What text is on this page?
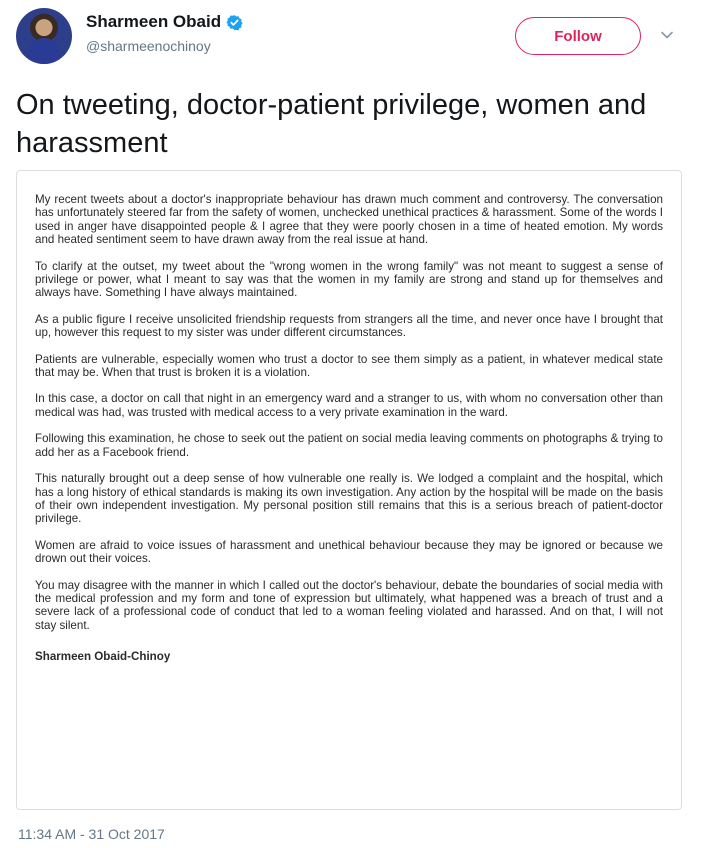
Sharmeen Obaid
@sharmeenochinoy
Follow
On tweeting, doctor-patient privilege, women and harassment

My recent tweets about a doctor's inappropriate behaviour has drawn much comment and controversy. The conversation has unfortunately steered far from the safety of women, unchecked unethical practices & harassment. Some of the words I used in anger have disappointed people & I agree that they were poorly chosen in a time of heated emotion. My words and heated sentiment seem to have drawn away from the real issue at hand.

To clarify at the outset, my tweet about the "wrong women in the wrong family" was not meant to suggest a sense of privilege or power, what I meant to say was that the women in my family are strong and stand up for themselves and always have. Something I have always maintained.

As a public figure I receive unsolicited friendship requests from strangers all the time, and never once have I brought that up, however this request to my sister was under different circumstances.

Patients are vulnerable, especially women who trust a doctor to see them simply as a patient, in whatever medical state that may be. When that trust is broken it is a violation.

In this case, a doctor on call that night in an emergency ward and a stranger to us, with whom no conversation other than medical was had, was trusted with medical access to a very private examination in the ward.

Following this examination, he chose to seek out the patient on social media leaving comments on photographs & trying to add her as a Facebook friend.

This naturally brought out a deep sense of how vulnerable one really is. We lodged a complaint and the hospital, which has a long history of ethical standards is making its own investigation. Any action by the hospital will be made on the basis of their own independent investigation. My personal position still remains that this is a serious breach of patient-doctor privilege.

Women are afraid to voice issues of harassment and unethical behaviour because they may be ignored or because we drown out their voices.

You may disagree with the manner in which I called out the doctor's behaviour, debate the boundaries of social media with the medical profession and my form and tone of expression but ultimately, what happened was a breach of trust and a severe lack of a professional code of conduct that led to a woman feeling violated and harassed. And on that, I will not stay silent.

Sharmeen Obaid-Chinoy

11:34 AM - 31 Oct 2017
